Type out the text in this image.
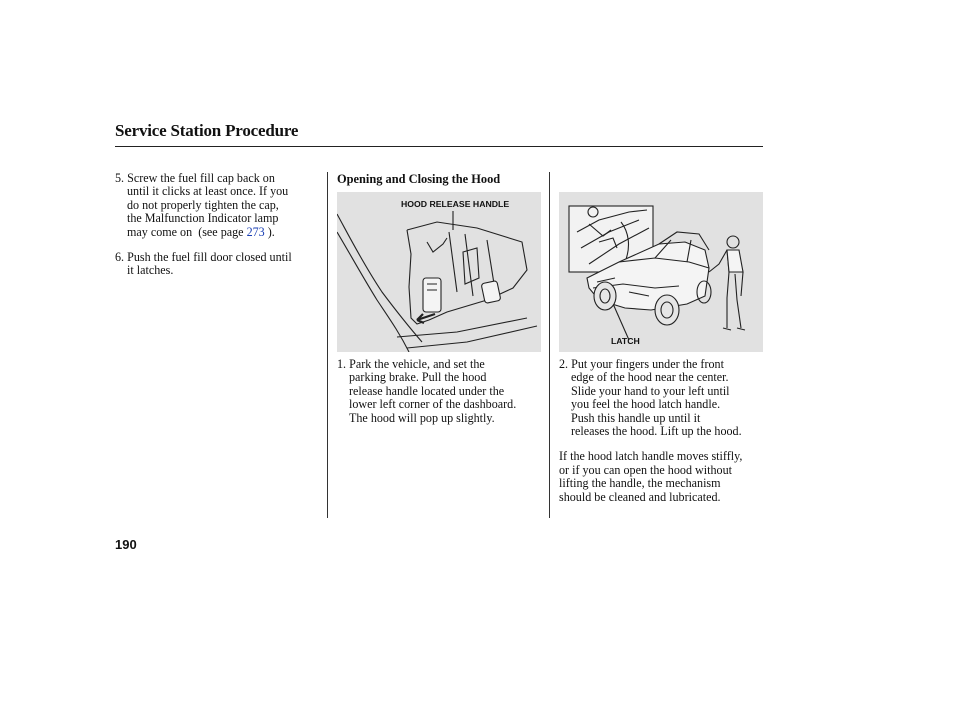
Service Station Procedure
5. Screw the fuel fill cap back on
until it clicks at least once. If you
do not properly tighten the cap,
the Malfunction Indicator lamp
may come on (see page 273 ).
6. Push the fuel fill door closed until
it latches.
Opening and Closing the Hood
HOOD RELEASE HANDLE
1. Park the vehicle, and set the
parking brake. Pull the hood
release handle located under the
lower left corner of the dashboard.
The hood will pop up slightly.
LATCH
2. Put your fingers under the front
edge of the hood near the center.
Slide your hand to your left until
you feel the hood latch handle.
Push this handle up until it
releases the hood. Lift up the hood.
If the hood latch handle moves stiffly,
or if you can open the hood without
lifting the handle, the mechanism
should be cleaned and lubricated.
190
